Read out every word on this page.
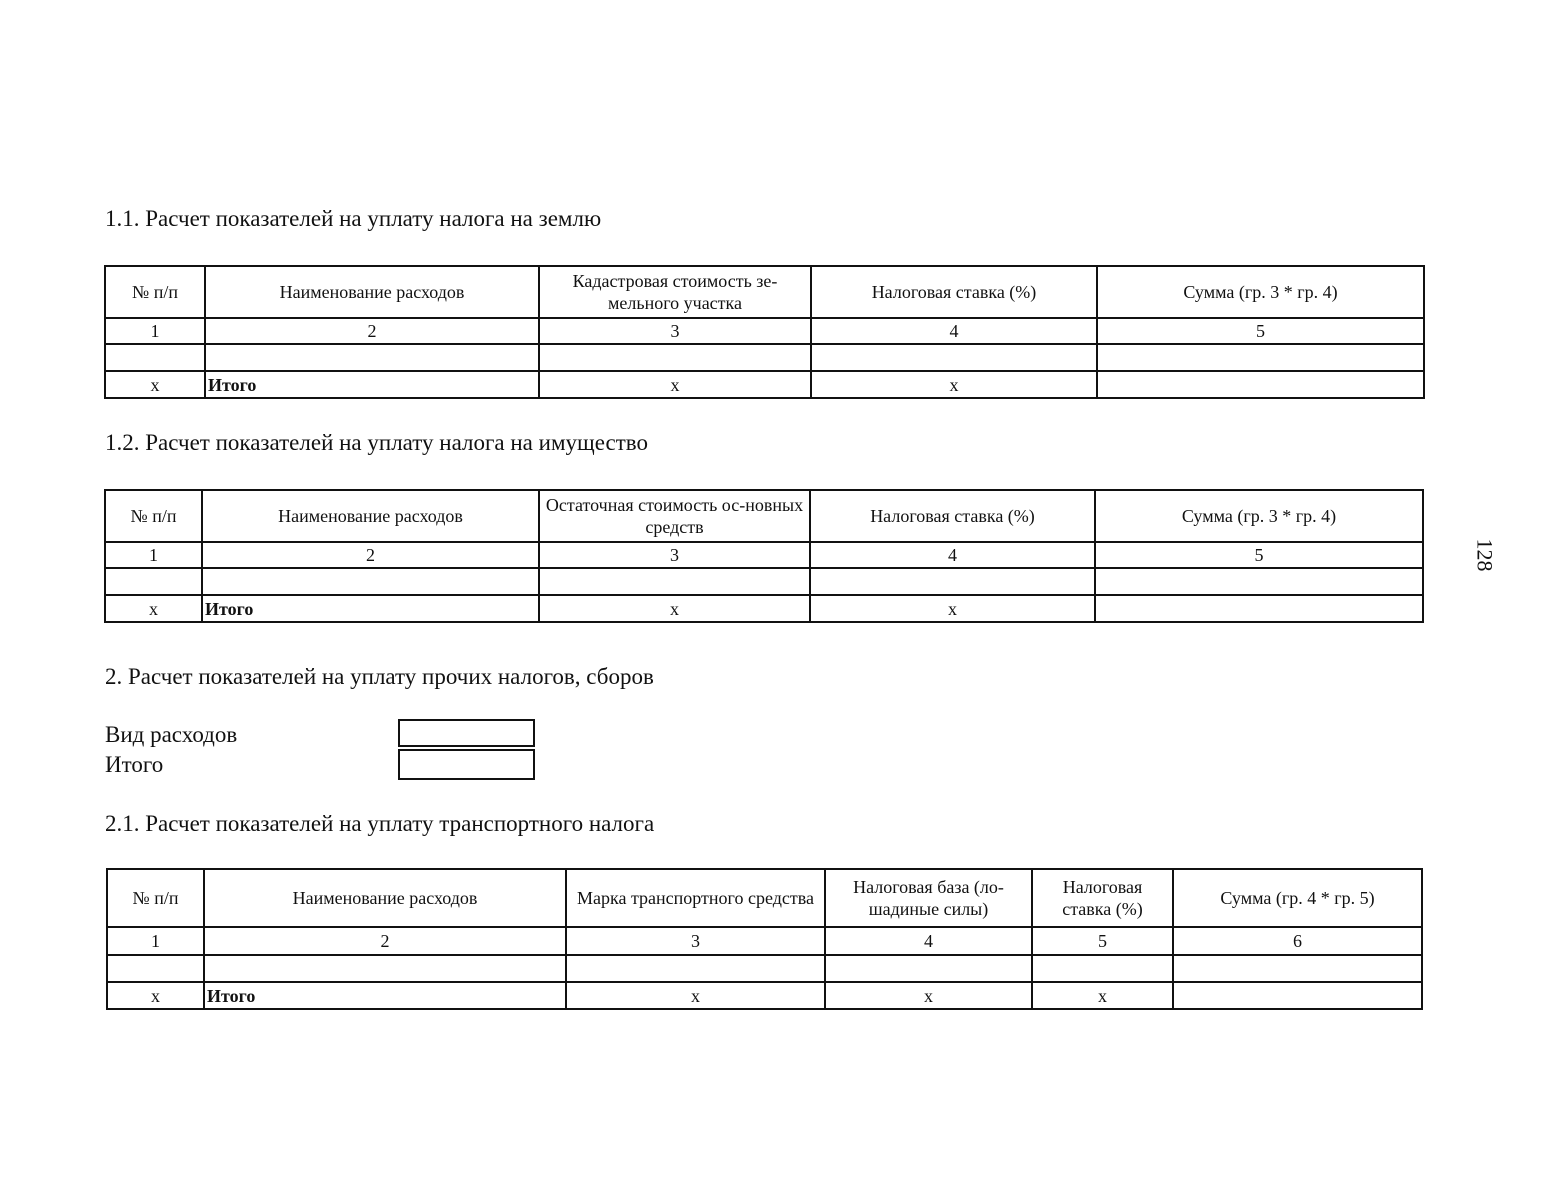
128
1.1. Расчет показателей на уплату налога на землю
№ п/п	Наименование расходов	Кадастровая стоимость зе-мельного участка	Налоговая ставка (%)	Сумма (гр. 3 * гр. 4)
1	2	3	4	5

x	Итого	x	x	
1.2. Расчет показателей на уплату налога на имущество
№ п/п	Наименование расходов	Остаточная стоимость ос-новных средств	Налоговая ставка (%)	Сумма (гр. 3 * гр. 4)
1	2	3	4	5

x	Итого	x	x	
2. Расчет показателей на уплату прочих налогов, сборов
Вид расходов
Итого
2.1. Расчет показателей на уплату транспортного налога
№ п/п	Наименование расходов	Марка транспортного средства	Налоговая база (ло-шадиные силы)	Налоговая ставка (%)	Сумма (гр. 4 * гр. 5)
1	2	3	4	5	6

x	Итого	x	x	x	
